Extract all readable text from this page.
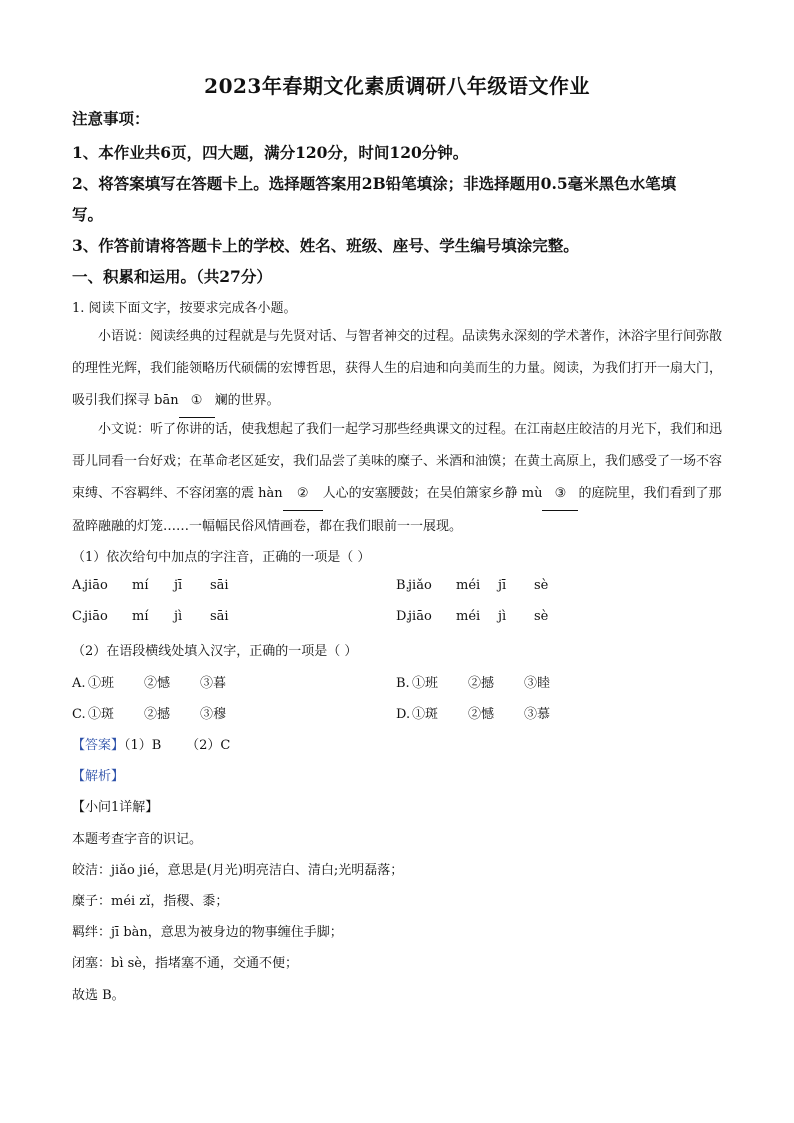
2023年春期文化素质调研八年级语文作业
注意事项：
1、本作业共6页，四大题，满分120分，时间120分钟。
2、将答案填写在答题卡上。选择题答案用2B铅笔填涂；非选择题用0.5毫米黑色水笔填
写。
3、作答前请将答题卡上的学校、姓名、班级、座号、学生编号填涂完整。
一、积累和运用。（共27分）
1. 阅读下面文字，按要求完成各小题。
小语说：阅读经典的过程就是与先贤对话、与智者神交的过程。品读隽永深刻的学术著作，沐浴字里行间弥散的理性光辉，我们能领略历代硕儒的宏博哲思，获得人生的启迪和向美而生的力量。阅读，为我们打开一扇大门，吸引我们探寻 bān ① 斓的世界。
小文说：听了你讲的话，使我想起了我们一起学习那些经典课文的过程。在江南赵庄皎洁的月光下，我们和迅哥儿同看一台好戏；在革命老区延安，我们品尝了美味的糜子、米酒和油馍；在黄土高原上，我们感受了一场不容束缚、不容羁绊、不容闭塞的震 hàn ② 人心的安塞腰鼓；在吴伯箫家乡静 mù ③ 的庭院里，我们看到了那盈睟融融的灯笼……一幅幅民俗风情画卷，都在我们眼前一一展现。
（1）依次给句中加点的字注音，正确的一项是（ ）
A.jiāo mí jī sāi	B.jiǎo méi jī sè
C.jiāo mí jì sāi	D.jiāo méi jì sè
（2）在语段横线处填入汉字，正确的一项是（ ）
A. ①班 ②憾 ③暮	B. ①班 ②撼 ③睦
C. ①斑 ②撼 ③穆	D. ①斑 ②憾 ③慕
【答案】（1）B      （2）C
【解析】
【小问1详解】
本题考查字音的识记。
皎洁：jiǎo jié，意思是(月光)明亮洁白、清白;光明磊落；
糜子：méi zǐ，指稷、黍；
羁绊：jī bàn，意思为被身边的物事缠住手脚；
闭塞：bì sè，指堵塞不通，交通不便；
故选 B。
